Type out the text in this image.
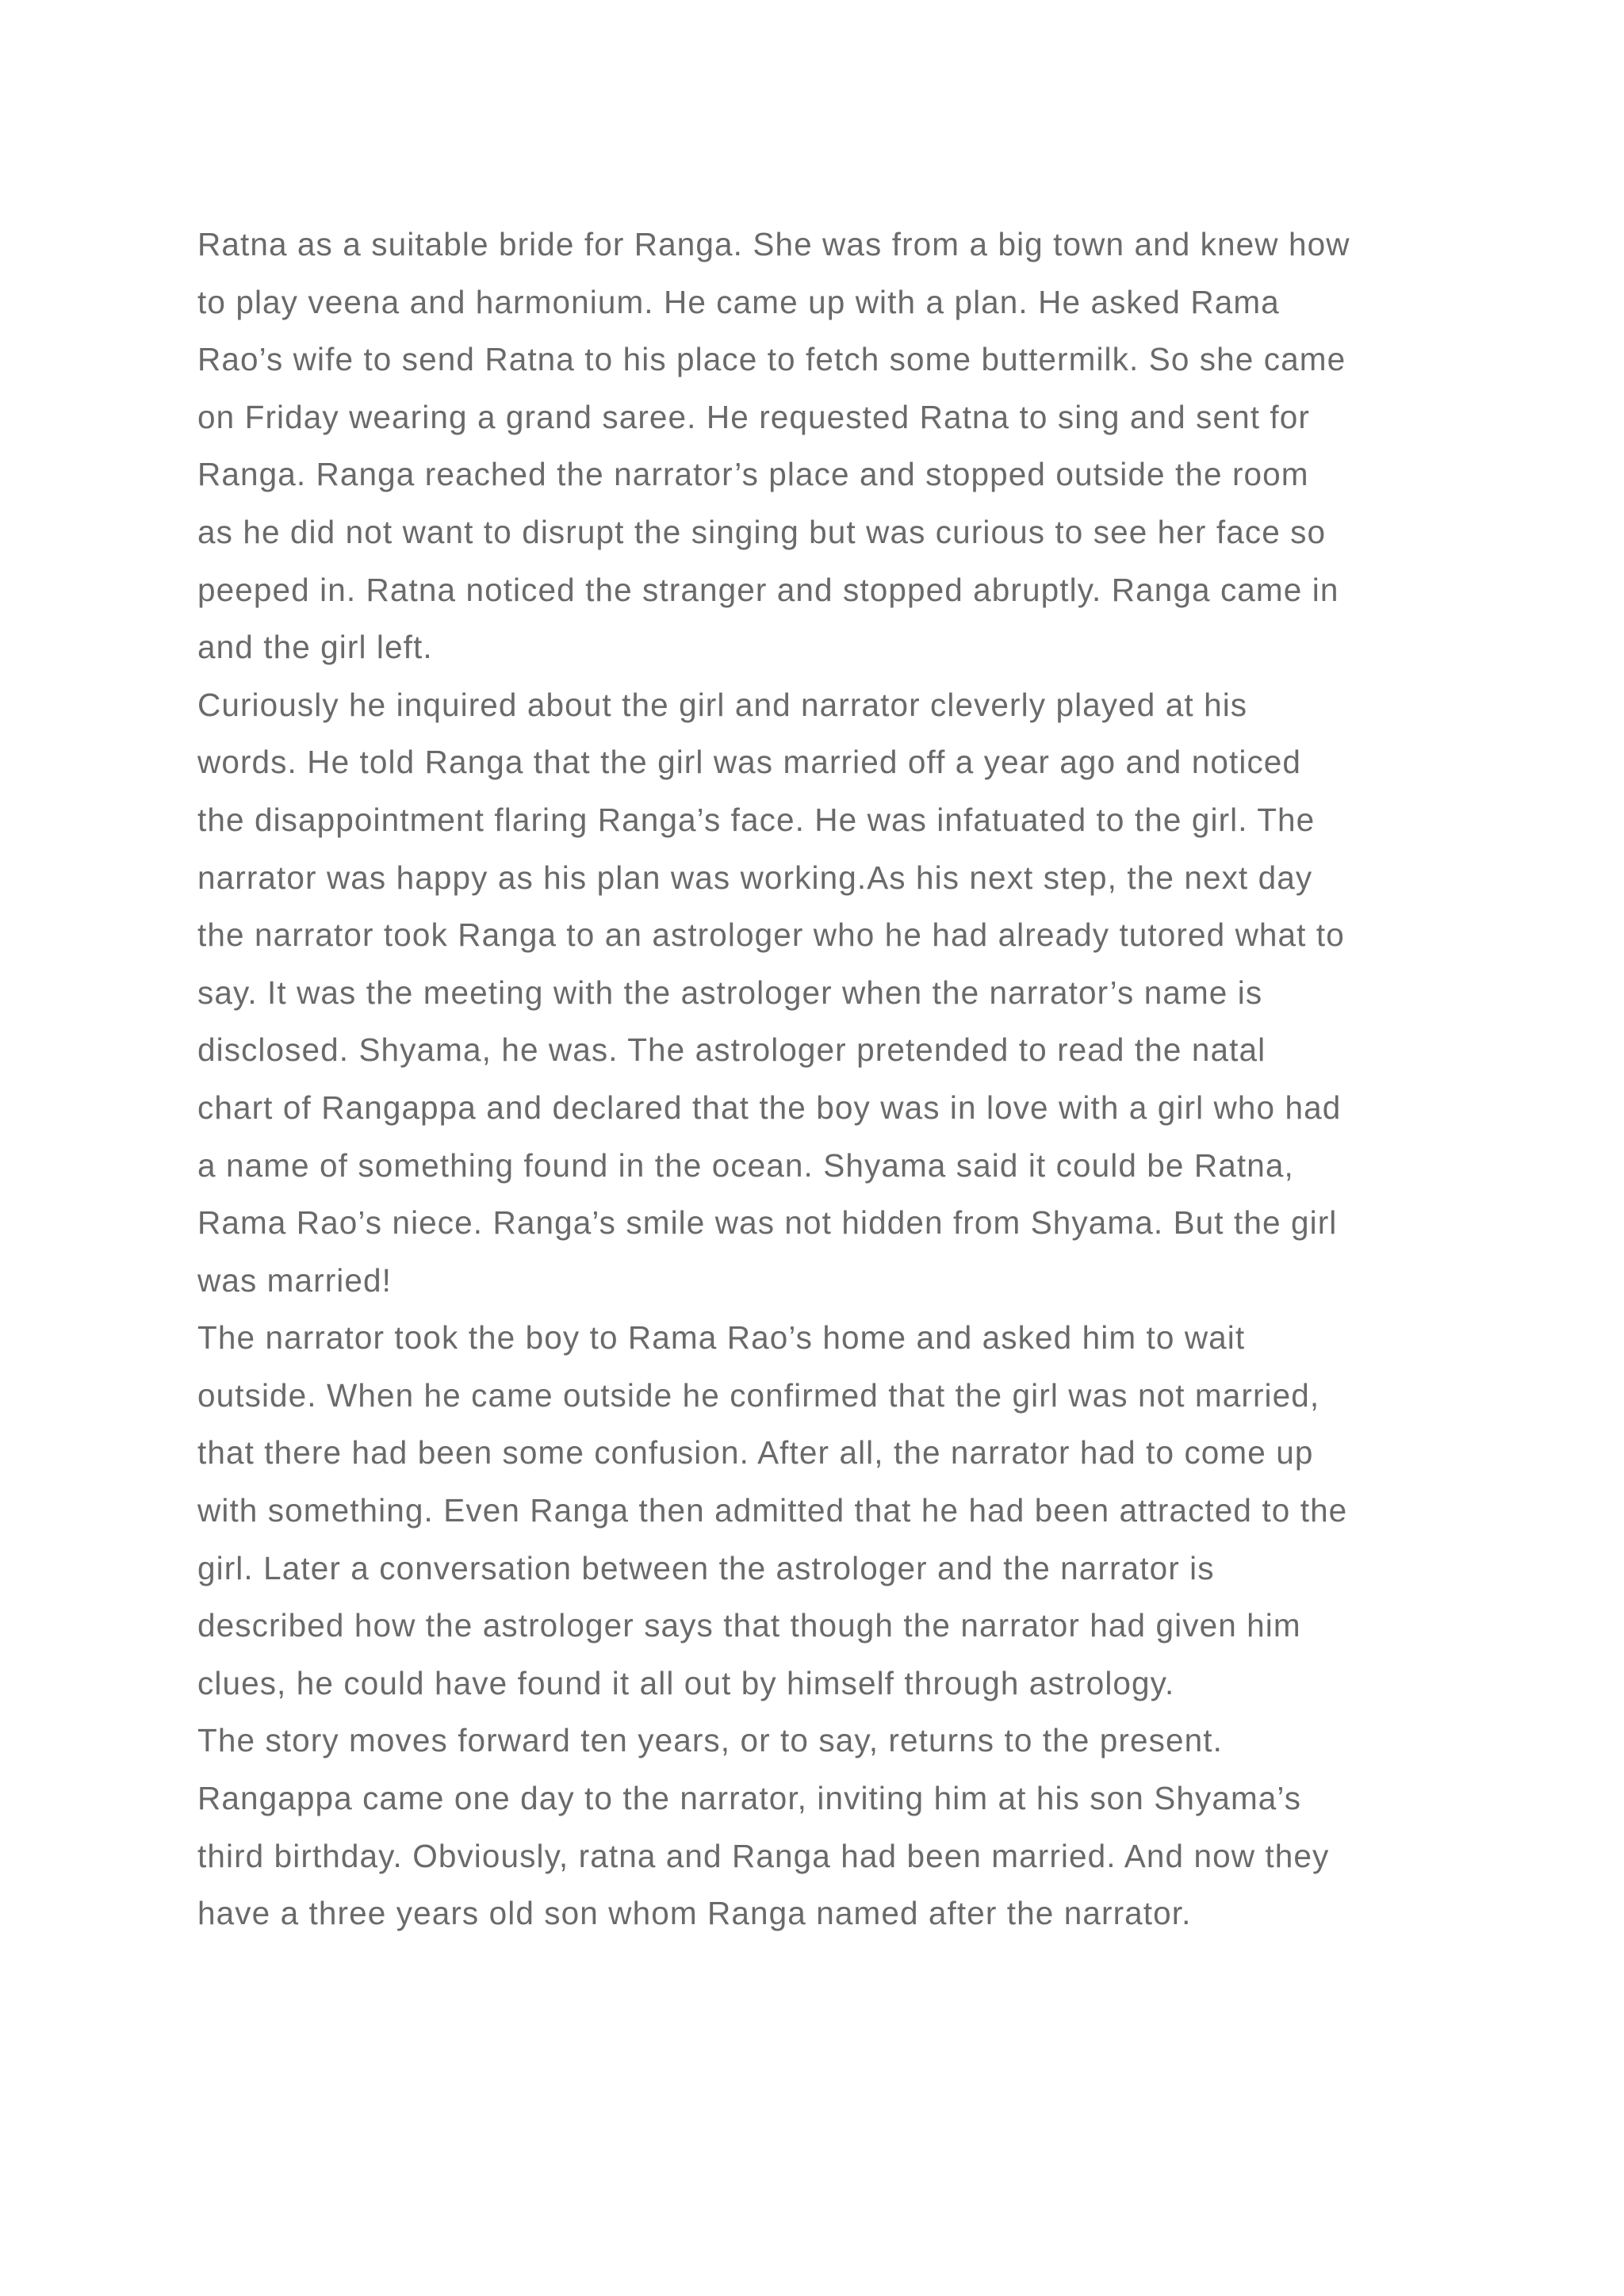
Ratna as a suitable bride for Ranga. She was from a big town and knew how
to play veena and harmonium. He came up with a plan. He asked Rama
Rao’s wife to send Ratna to his place to fetch some buttermilk. So she came
on Friday wearing a grand saree. He requested Ratna to sing and sent for
Ranga. Ranga reached the narrator’s place and stopped outside the room
as he did not want to disrupt the singing but was curious to see her face so
peeped in. Ratna noticed the stranger and stopped abruptly. Ranga came in
and the girl left.
Curiously he inquired about the girl and narrator cleverly played at his
words. He told Ranga that the girl was married off a year ago and noticed
the disappointment flaring Ranga’s face. He was infatuated to the girl. The
narrator was happy as his plan was working.As his next step, the next day
the narrator took Ranga to an astrologer who he had already tutored what to
say. It was the meeting with the astrologer when the narrator’s name is
disclosed. Shyama, he was. The astrologer pretended to read the natal
chart of Rangappa and declared that the boy was in love with a girl who had
a name of something found in the ocean. Shyama said it could be Ratna,
Rama Rao’s niece. Ranga’s smile was not hidden from Shyama. But the girl
was married!
The narrator took the boy to Rama Rao’s home and asked him to wait
outside. When he came outside he confirmed that the girl was not married,
that there had been some confusion. After all, the narrator had to come up
with something. Even Ranga then admitted that he had been attracted to the
girl. Later a conversation between the astrologer and the narrator is
described how the astrologer says that though the narrator had given him
clues, he could have found it all out by himself through astrology.
The story moves forward ten years, or to say, returns to the present.
Rangappa came one day to the narrator, inviting him at his son Shyama’s
third birthday. Obviously, ratna and Ranga had been married. And now they
have a three years old son whom Ranga named after the narrator.
